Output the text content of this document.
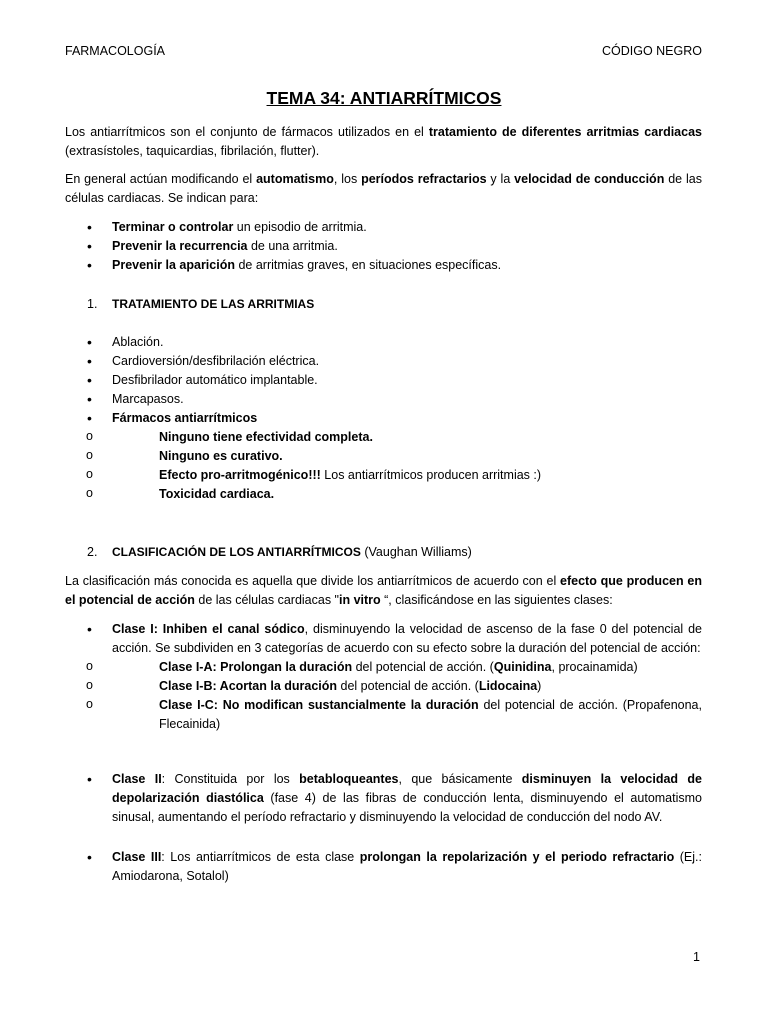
FARMACOLOGÍA	CÓDIGO NEGRO
TEMA 34: ANTIARRÍTMICOS

Los antiarrítmicos son el conjunto de fármacos utilizados en el tratamiento de diferentes arritmias cardiacas (extrasístoles, taquicardias, fibrilación, flutter).

En general actúan modificando el automatismo, los períodos refractarios y la velocidad de conducción de las células cardiacas. Se indican para:

• Terminar o controlar un episodio de arritmia.
• Prevenir la recurrencia de una arritmia.
• Prevenir la aparición de arritmias graves, en situaciones específicas.
1. TRATAMIENTO DE LAS ARRITMIAS
• Ablación.
• Cardioversión/desfibrilación eléctrica.
• Desfibrilador automático implantable.
• Marcapasos.
• Fármacos antiarrítmicos
o Ninguno tiene efectividad completa.
o Ninguno es curativo.
o Efecto pro-arritmogénico!!! Los antiarrítmicos producen arritmias :)
o Toxicidad cardiaca.
2. CLASIFICACIÓN DE LOS ANTIARRÍTMICOS (Vaughan Williams)

La clasificación más conocida es aquella que divide los antiarrítmicos de acuerdo con el efecto que producen en el potencial de acción de las células cardiacas "in vitro “, clasificándose en las siguientes clases:

• Clase I: Inhiben el canal sódico, disminuyendo la velocidad de ascenso de la fase 0 del potencial de acción. Se subdividen en 3 categorías de acuerdo con su efecto sobre la duración del potencial de acción:
o Clase I-A: Prolongan la duración del potencial de acción. (Quinidina, procainamida)
o Clase I-B: Acortan la duración del potencial de acción. (Lidocaina)
o Clase I-C: No modifican sustancialmente la duración del potencial de acción. (Propafenona, Flecainida)
• Clase II: Constituida por los betabloqueantes, que básicamente disminuyen la velocidad de depolarización diastólica (fase 4) de las fibras de conducción lenta, disminuyendo el automatismo sinusal, aumentando el período refractario y disminuyendo la velocidad de conducción del nodo AV.
• Clase III: Los antiarrítmicos de esta clase prolongan la repolarización y el periodo refractario (Ej.: Amiodarona, Sotalol)
1
